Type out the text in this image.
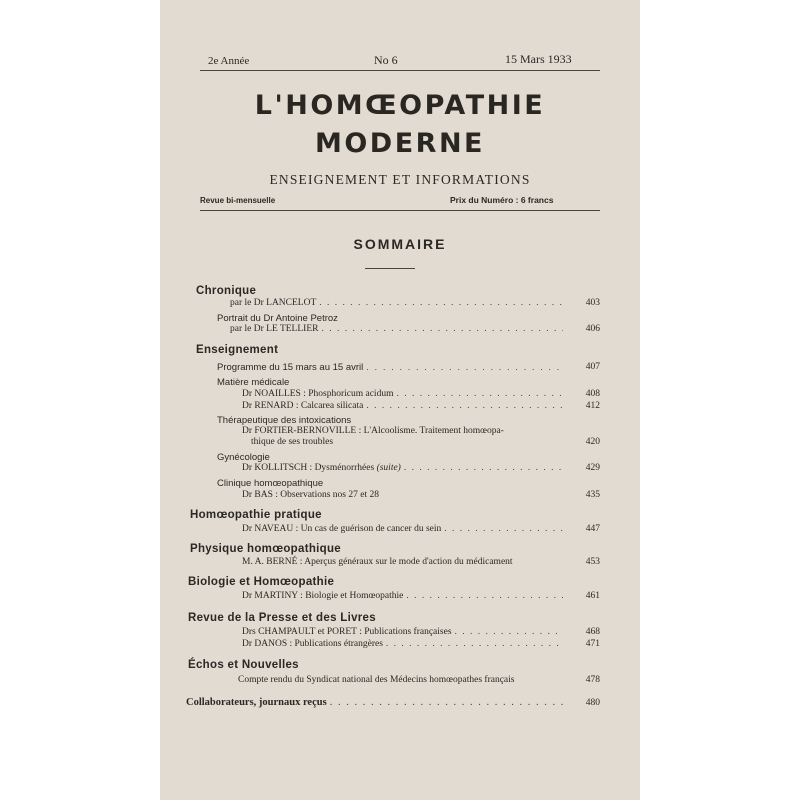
2e Année	No 6	15 Mars 1933
L'HOMŒOPATHIE
MODERNE
ENSEIGNEMENT ET INFORMATIONS
Revue bi-mensuelle	Prix du Numéro : 6 francs
SOMMAIRE
Chronique
par le Dr LANCELOT . . .	403
Portrait du Dr Antoine Petroz
par le Dr LE TELLIER . . .	406
Enseignement
Programme du 15 mars au 15 avril . . .	407
Matière médicale
Dr NOAILLES : Phosphoricum acidum . . .	408
Dr RENARD : Calcarea silicata . . .	412
Thérapeutique des intoxications
Dr FORTIER-BERNOVILLE : L'Alcoolisme. Traitement homœopa-
thique de ses troubles	420
Gynécologie
Dr KOLLITSCH : Dysménorrhées
(suite) . . .	429
Clinique homœopathique
Dr BAS : Observations nos 27 et 28	435
Homœopathie pratique
Dr NAVEAU : Un cas de guérison de cancer du sein . . .	447
Physique homœopathique
M. A. BERNÉ : Aperçus généraux sur le mode d'action du médicament	453
Biologie et Homœopathie
Dr MARTINY : Biologie et Homœopathie . . .	461
Revue de la Presse et des Livres
Drs CHAMPAULT et PORET : Publications françaises . . .	468
Dr DANOS : Publications étrangères . . .	471
Échos et Nouvelles
Compte rendu du Syndicat national des Médecins homœopathes français	478
Collaborateurs, journaux reçus . . .	480
